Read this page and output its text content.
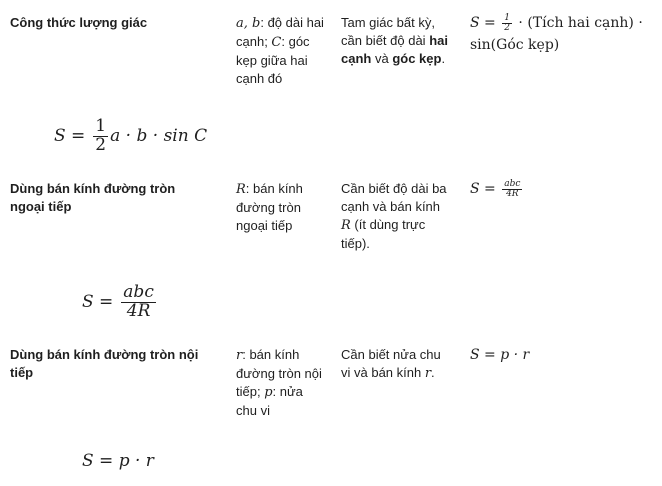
Công thức lượng giác	a, b: độ dài hai cạnh; C: góc kẹp giữa hai cạnh đó
Tam giác bất kỳ, cần biết độ dài hai cạnh và góc kẹp.
$S = \frac{1}{2}$ · (Tích hai cạnh) ·
sin(Góc kẹp)
$S = \frac{1}{2}$ a · b · sin C
Dùng bán kính đường tròn ngoại tiếp
R: bán kính đường tròn ngoại tiếp
Cần biết độ dài ba cạnh và bán kính R (ít dùng trực tiếp).
$S = \frac{\text{abc}}{4R}$
$S = \frac{\text{abc}}{4R}$
Dùng bán kính đường tròn nội tiếp
r: bán kính đường tròn nội tiếp; p: nửa chu vi
Cần biết nửa chu vi và bán kính r.
S = p · r
S = p · r
